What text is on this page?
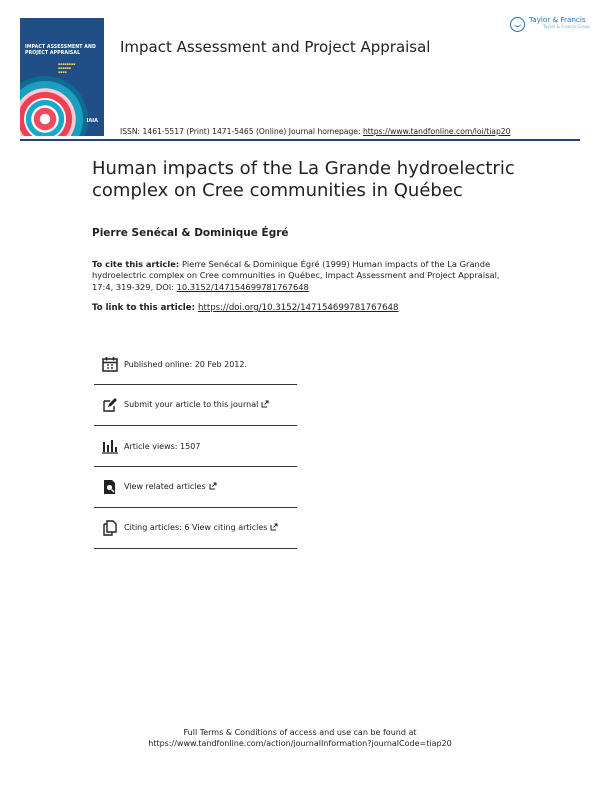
IMPACT ASSESSMENT AND PROJECT APPRAISAL
▪▪▪▪▪▪▪▪
▪▪▪▪▪▪
▪▪▪▪
IAIA
Impact Assessment and Project Appraisal
Taylor & Francis
Taylor & Francis Group
ISSN: 1461-5517 (Print) 1471-5465 (Online) Journal homepage: https://www.tandfonline.com/loi/tiap20
Human impacts of the La Grande hydroelectric complex on Cree communities in Québec
Pierre Senécal & Dominique Égré
To cite this article: Pierre Senécal & Dominique Égré (1999) Human impacts of the La Grande hydroelectric complex on Cree communities in Québec, Impact Assessment and Project Appraisal, 17:4, 319-329, DOI: 10.3152/147154699781767648
To link to this article: https://doi.org/10.3152/147154699781767648
Published online: 20 Feb 2012.
Submit your article to this journal
Article views: 1507
View related articles
Citing articles: 6 View citing articles
Full Terms & Conditions of access and use can be found at
https://www.tandfonline.com/action/journalInformation?journalCode=tiap20
